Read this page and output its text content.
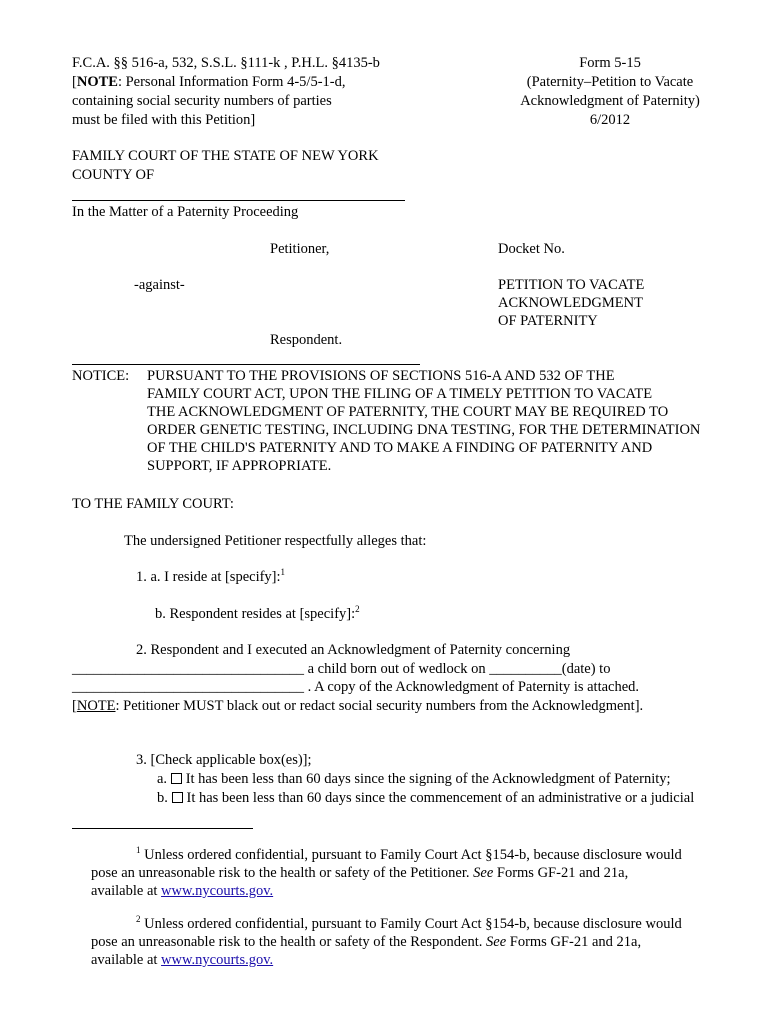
F.C.A. §§ 516-a, 532, S.S.L. §111-k , P.H.L. §4135-b
[NOTE: Personal Information Form 4-5/5-1-d,
containing social security numbers of parties
must be filed with this Petition]
Form 5-15
(Paternity–Petition to Vacate
Acknowledgment of Paternity)
6/2012
FAMILY COURT OF THE STATE OF NEW YORK
COUNTY OF
In the Matter of a Paternity Proceeding
Petitioner,	Docket No.
-against-	PETITION TO VACATE
ACKNOWLEDGMENT
OF PATERNITY
Respondent.
NOTICE: PURSUANT TO THE PROVISIONS OF SECTIONS 516-A AND 532 OF THE
FAMILY COURT ACT, UPON THE FILING OF A TIMELY PETITION TO VACATE
THE ACKNOWLEDGMENT OF PATERNITY, THE COURT MAY BE REQUIRED TO
ORDER GENETIC TESTING, INCLUDING DNA TESTING, FOR THE DETERMINATION
OF THE CHILD'S PATERNITY AND TO MAKE A FINDING OF PATERNITY AND
SUPPORT, IF APPROPRIATE.
TO THE FAMILY COURT:
The undersigned Petitioner respectfully alleges that:
1. a. I reside at [specify]:$^1$
b. Respondent resides at [specify]:$^2$
2. Respondent and I executed an Acknowledgment of Paternity concerning
________________________________ a child born out of wedlock on __________(date) to
________________________________ . A copy of the Acknowledgment of Paternity is attached.
[NOTE: Petitioner MUST black out or redact social security numbers from the Acknowledgment].
3. [Check applicable box(es)];
a. It has been less than 60 days since the signing of the Acknowledgment of Paternity;
b. It has been less than 60 days since the commencement of an administrative or a judicial
$^1$ Unless ordered confidential, pursuant to Family Court Act §154-b, because disclosure would
pose an unreasonable risk to the health or safety of the Petitioner. See Forms GF-21 and 21a,
available at www.nycourts.gov.
$^2$ Unless ordered confidential, pursuant to Family Court Act §154-b, because disclosure would
pose an unreasonable risk to the health or safety of the Respondent. See Forms GF-21 and 21a,
available at www.nycourts.gov.
